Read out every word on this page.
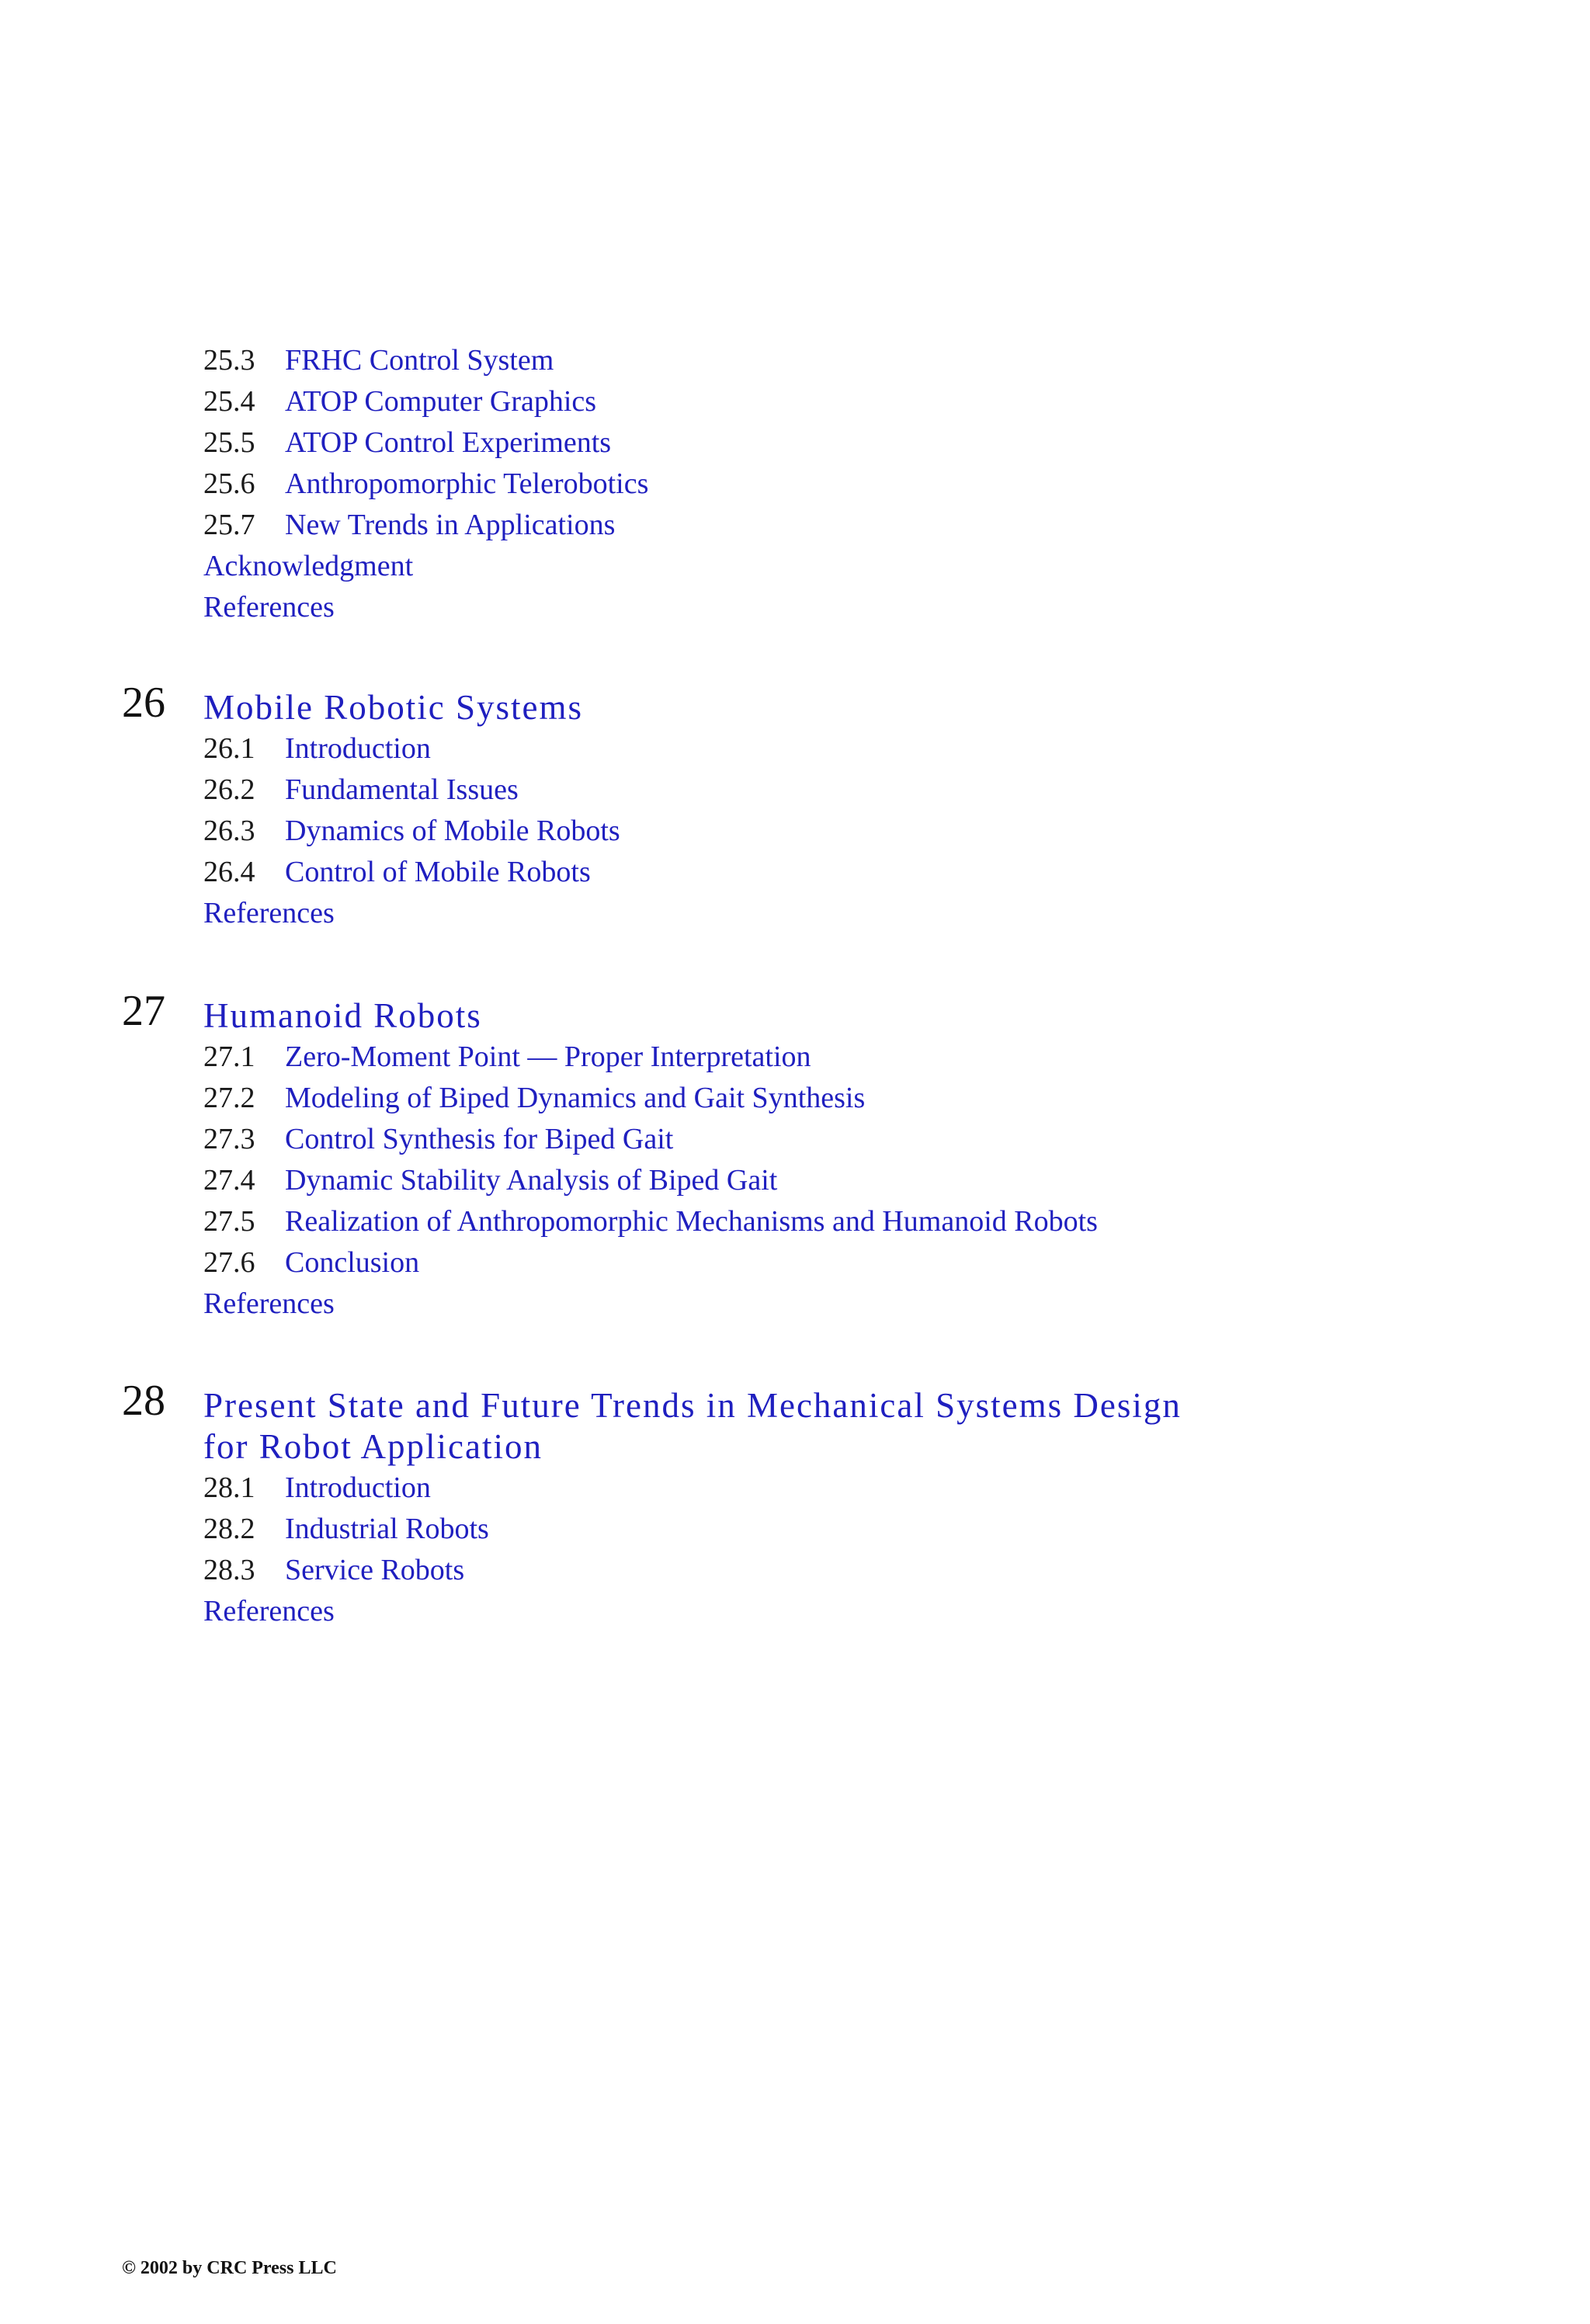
25.3 FRHC Control System
25.4 ATOP Computer Graphics
25.5 ATOP Control Experiments
25.6 Anthropomorphic Telerobotics
25.7 New Trends in Applications
Acknowledgment
References
26 Mobile Robotic Systems
26.1 Introduction
26.2 Fundamental Issues
26.3 Dynamics of Mobile Robots
26.4 Control of Mobile Robots
References
27 Humanoid Robots
27.1 Zero-Moment Point — Proper Interpretation
27.2 Modeling of Biped Dynamics and Gait Synthesis
27.3 Control Synthesis for Biped Gait
27.4 Dynamic Stability Analysis of Biped Gait
27.5 Realization of Anthropomorphic Mechanisms and Humanoid Robots
27.6 Conclusion
References
28 Present State and Future Trends in Mechanical Systems Design
for Robot Application
28.1 Introduction
28.2 Industrial Robots
28.3 Service Robots
References
© 2002 by CRC Press LLC
